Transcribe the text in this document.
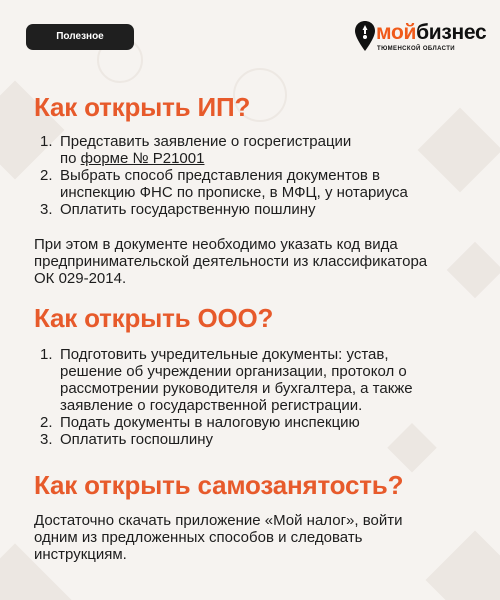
Полезное	мойбизнес
ТЮМЕНСКОЙ ОБЛАСТИ
Как открыть ИП?
1. Представить заявление о госрегистрации
по форме № Р21001
2. Выбрать способ представления документов в
инспекцию ФНС по прописке, в МФЦ, у нотариуса
3. Оплатить государственную пошлину

При этом в документе необходимо указать код вида
предпринимательской деятельности из классификатора
ОК 029-2014.

Как открыть ООО?
1. Подготовить учредительные документы: устав,
решение об учреждении организации, протокол о
рассмотрении руководителя и бухгалтера, а также
заявление о государственной регистрации.
2. Подать документы в налоговую инспекцию
3. Оплатить госпошлину
Как открыть самозанятость?

Достаточно скачать приложение «Мой налог», войти
одним из предложенных способов и следовать
инструкциям.
